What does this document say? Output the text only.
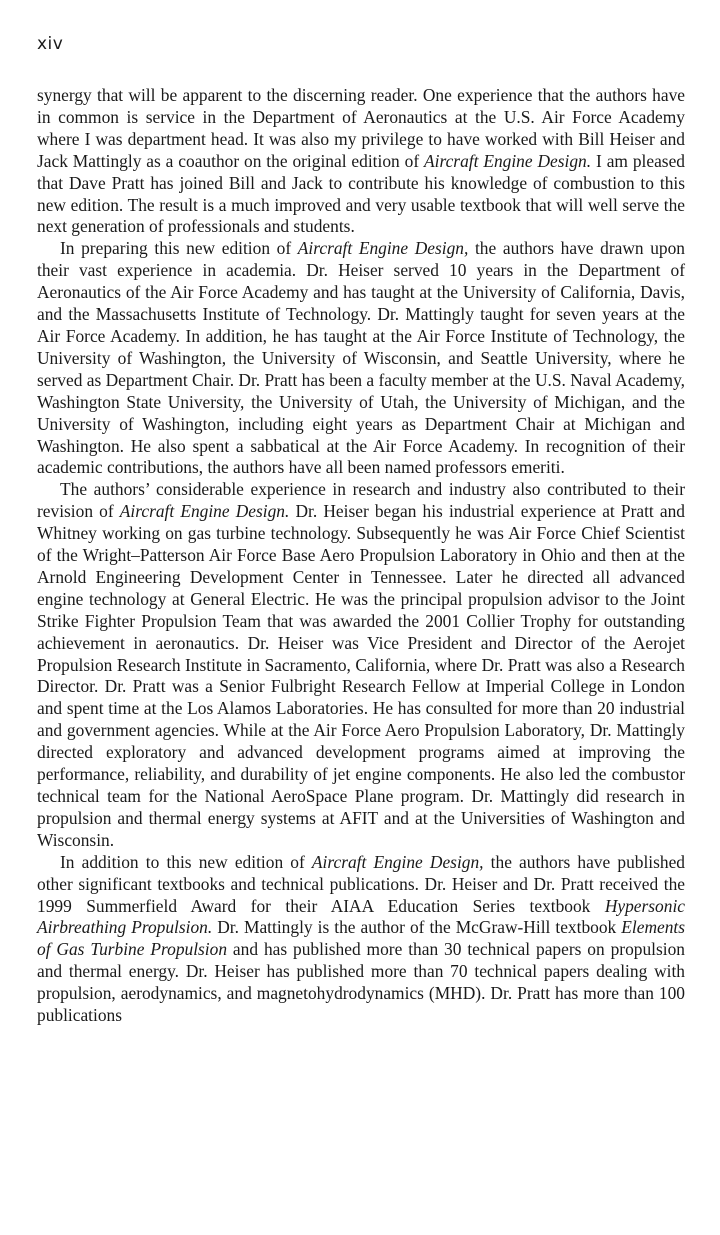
xiv

synergy that will be apparent to the discerning reader. One experience that the authors have in common is service in the Department of Aeronautics at the U.S. Air Force Academy where I was department head. It was also my privilege to have worked with Bill Heiser and Jack Mattingly as a coauthor on the original edition of Aircraft Engine Design. I am pleased that Dave Pratt has joined Bill and Jack to contribute his knowledge of combustion to this new edition. The result is a much improved and very usable textbook that will well serve the next generation of professionals and students.

In preparing this new edition of Aircraft Engine Design, the authors have drawn upon their vast experience in academia. Dr. Heiser served 10 years in the Department of Aeronautics of the Air Force Academy and has taught at the University of California, Davis, and the Massachusetts Institute of Technology. Dr. Mattingly taught for seven years at the Air Force Academy. In addition, he has taught at the Air Force Institute of Technology, the University of Washington, the University of Wisconsin, and Seattle University, where he served as Department Chair. Dr. Pratt has been a faculty member at the U.S. Naval Academy, Washington State University, the University of Utah, the University of Michigan, and the University of Washington, including eight years as Department Chair at Michigan and Washington. He also spent a sabbatical at the Air Force Academy. In recognition of their academic contributions, the authors have all been named professors emeriti.

The authors’ considerable experience in research and industry also contributed to their revision of Aircraft Engine Design. Dr. Heiser began his industrial experience at Pratt and Whitney working on gas turbine technology. Subsequently he was Air Force Chief Scientist of the Wright–Patterson Air Force Base Aero Propulsion Laboratory in Ohio and then at the Arnold Engineering Development Center in Tennessee. Later he directed all advanced engine technology at General Electric. He was the principal propulsion advisor to the Joint Strike Fighter Propulsion Team that was awarded the 2001 Collier Trophy for outstanding achievement in aeronautics. Dr. Heiser was Vice President and Director of the Aerojet Propulsion Research Institute in Sacramento, California, where Dr. Pratt was also a Research Director. Dr. Pratt was a Senior Fulbright Research Fellow at Imperial College in London and spent time at the Los Alamos Laboratories. He has consulted for more than 20 industrial and government agencies. While at the Air Force Aero Propulsion Laboratory, Dr. Mattingly directed exploratory and advanced development programs aimed at improving the performance, reliability, and durability of jet engine components. He also led the combustor technical team for the National AeroSpace Plane program. Dr. Mattingly did research in propulsion and thermal energy systems at AFIT and at the Universities of Washington and Wisconsin.

In addition to this new edition of Aircraft Engine Design, the authors have published other significant textbooks and technical publications. Dr. Heiser and Dr. Pratt received the 1999 Summerfield Award for their AIAA Education Series textbook Hypersonic Airbreathing Propulsion. Dr. Mattingly is the author of the McGraw-Hill textbook Elements of Gas Turbine Propulsion and has published more than 30 technical papers on propulsion and thermal energy. Dr. Heiser has published more than 70 technical papers dealing with propulsion, aerodynamics, and magnetohydrodynamics (MHD). Dr. Pratt has more than 100 publications
